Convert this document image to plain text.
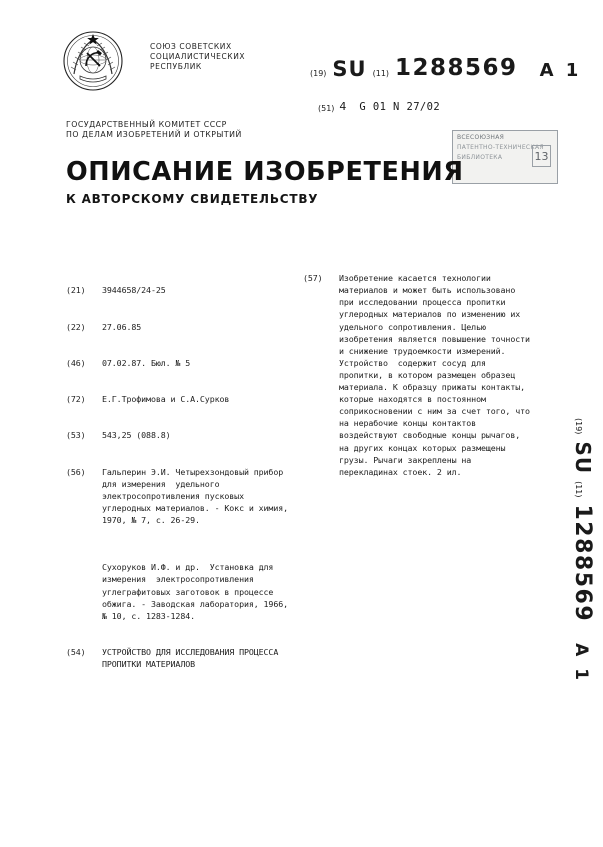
СОЮЗ СОВЕТСКИХ
СОЦИАЛИСТИЧЕСКИХ
РЕСПУБЛИК
ГОСУДАРСТВЕННЫЙ КОМИТЕТ СССР
ПО ДЕЛАМ ИЗОБРЕТЕНИЙ И ОТКРЫТИЙ
(19) SU (11) 1288569	A 1
(51) 4	G 01 N 27/02
ВСЕСОЮЗНАЯ
ПАТЕНТНО-ТЕХНИЧЕСКАЯ
БИБЛИОТЕКА	13
ОПИСАНИЕ ИЗОБРЕТЕНИЯ
К АВТОРСКОМУ СВИДЕТЕЛЬСТВУ

(21)	3944658/24-25

(22)	27.06.85

(46)	07.02.87. Бюл. № 5

(72)	Е.Г.Трофимова и С.А.Сурков

(53)	543,25 (088.8)

(56)	Гальперин Э.И. Четырехзондовый прибор для измерения  удельного электросопротивления пусковых углеродных материалов. - Кокс и химия, 1970, № 7, с. 26-29.

Сухоруков И.Ф. и др.  Установка для измерения  электросопротивления углеграфитовых заготовок в процессе обжига. - Заводская лаборатория, 1966, № 10, с. 1283-1284.

(54)	УСТРОЙСТВО ДЛЯ ИССЛЕДОВАНИЯ ПРОЦЕССА ПРОПИТКИ МАТЕРИАЛОВ

(57)	Изобретение касается технологии материалов и может быть использовано при исследовании процесса пропитки углеродных материалов по изменению их удельного сопротивления. Целью изобретения является повышение точности и снижение трудоемкости измерений. Устройство  содержит сосуд для пропитки, в котором размещен образец материала. К образцу прижаты контакты, которые находятся в постоянном соприкосновении с ним за счет того, что на нерабочие концы контактов воздействуют свободные концы рычагов, на других концах которых размещены грузы. Рычаги закреплены на перекладинах стоек. 2 ил.

(19)
SU
(11)
1288569
A 1
